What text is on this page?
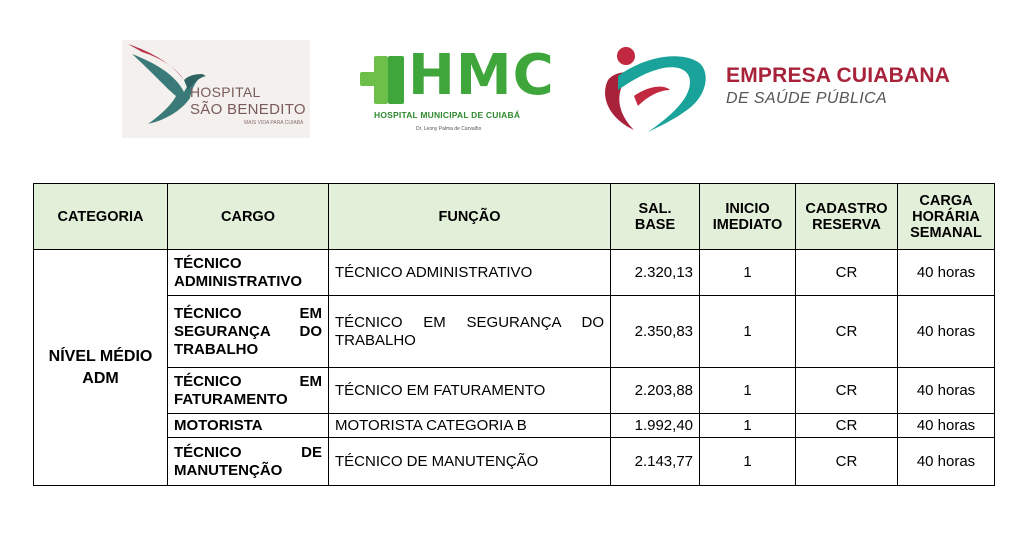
HOSPITAL
SÃO BENEDITO
MAIS VIDA PARA CUIABÁ
HMC
HOSPITAL MUNICIPAL DE CUIABÁ
Dr. Leony Palma de Carvalho
EMPRESA CUIABANA
DE SAÚDE PÚBLICA
CATEGORIA	CARGO	FUNÇÃO	SAL. BASE	INICIO IMEDIATO	CADASTRO RESERVA	CARGA HORÁRIA SEMANAL
NÍVEL MÉDIO ADM	TÉCNICO ADMINISTRATIVO	TÉCNICO ADMINISTRATIVO	2.320,13	1	CR	40 horas
	TÉCNICO EM SEGURANÇA DO TRABALHO	TÉCNICO EM SEGURANÇA DO TRABALHO	2.350,83	1	CR	40 horas
	TÉCNICO EM FATURAMENTO	TÉCNICO EM FATURAMENTO	2.203,88	1	CR	40 horas
	MOTORISTA	MOTORISTA CATEGORIA B	1.992,40	1	CR	40 horas
	TÉCNICO DE MANUTENÇÃO	TÉCNICO DE MANUTENÇÃO	2.143,77	1	CR	40 horas
